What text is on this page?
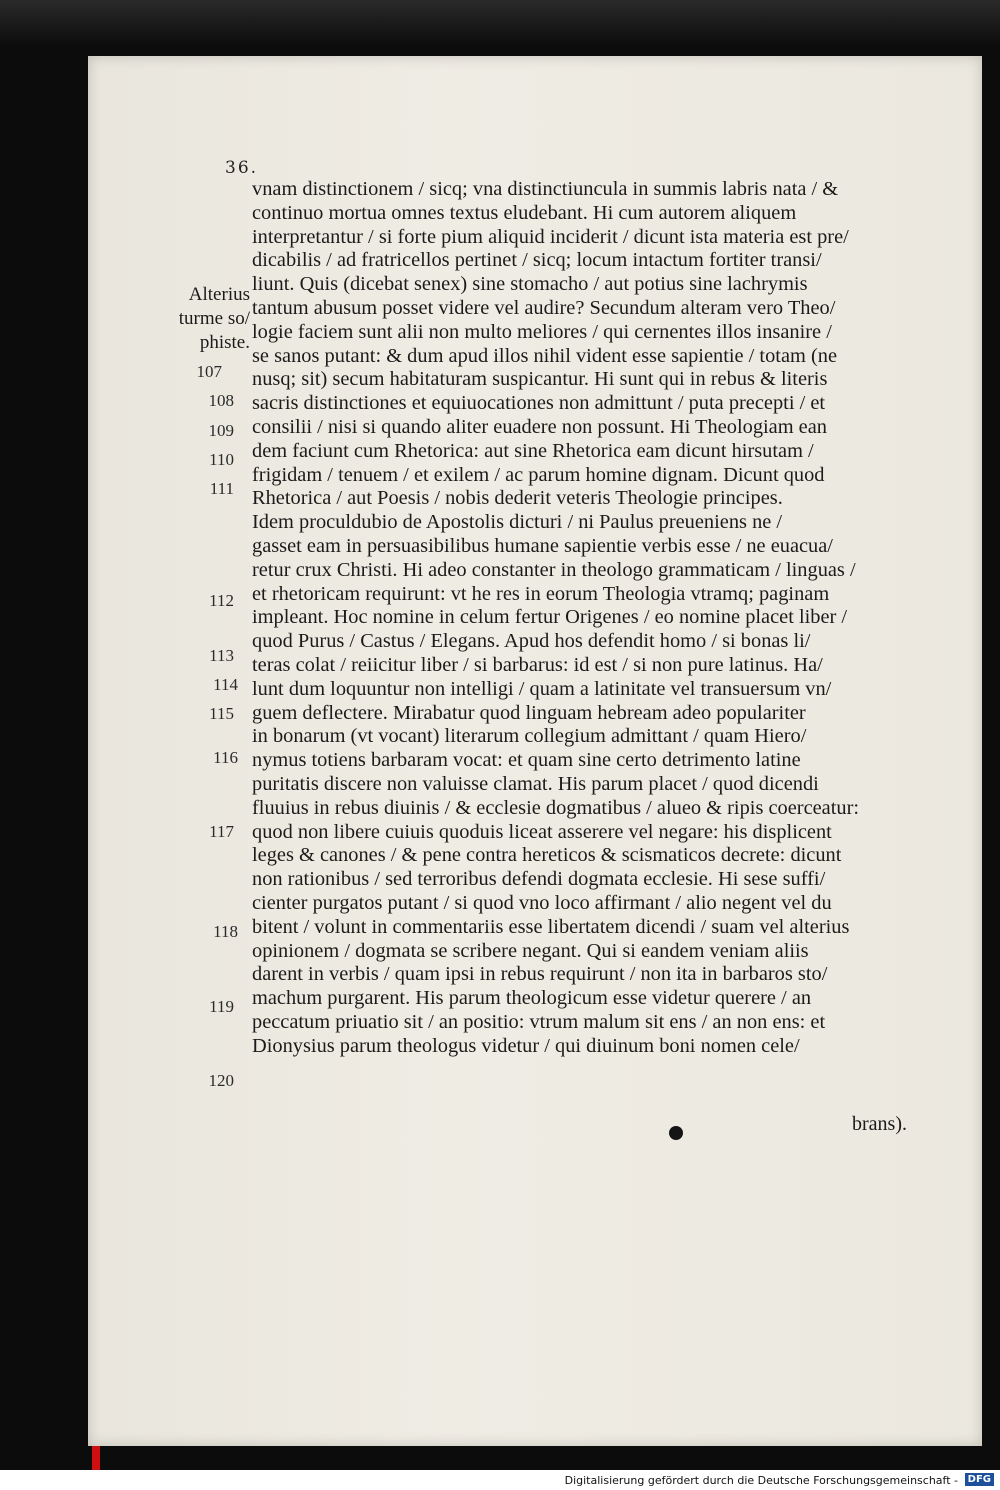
36.
Alterius
turme so/
phiste.
107
108
109
110
111
112
113
114
115
116
117
118
119
120
vnam distinctionem / sicq; vna distinctiuncula in summis labris nata / &
continuo mortua omnes textus eludebant. Hi cum autorem aliquem
interpretantur / si forte pium aliquid inciderit / dicunt ista materia est pre/
dicabilis / ad fratricellos pertinet / sicq; locum intactum fortiter transi/
liunt. Quis (dicebat senex) sine stomacho / aut potius sine lachrymis
tantum abusum posset videre vel audire? Secundum alteram vero Theo/
logie faciem sunt alii non multo meliores / qui cernentes illos insanire /
se sanos putant: & dum apud illos nihil vident esse sapientie / totam (ne
nusq; sit) secum habitaturam suspicantur. Hi sunt qui in rebus & literis
sacris distinctiones et equiuocationes non admittunt / puta precepti / et
consilii / nisi si quando aliter euadere non possunt. Hi Theologiam ean
dem faciunt cum Rhetorica: aut sine Rhetorica eam dicunt hirsutam /
frigidam / tenuem / et exilem / ac parum homine dignam. Dicunt quod
Rhetorica / aut Poesis / nobis dederit veteris Theologie principes.
Idem proculdubio de Apostolis dicturi / ni Paulus preueniens ne /
gasset eam in persuasibilibus humane sapientie verbis esse / ne euacua/
retur crux Christi. Hi adeo constanter in theologo grammaticam / linguas /
et rhetoricam requirunt: vt he res in eorum Theologia vtramq; paginam
impleant. Hoc nomine in celum fertur Origenes / eo nomine placet liber /
quod Purus / Castus / Elegans. Apud hos defendit homo / si bonas li/
teras colat / reiicitur liber / si barbarus: id est / si non pure latinus. Ha/
lunt dum loquuntur non intelligi / quam a latinitate vel transuersum vn/
guem deflectere. Mirabatur quod linguam hebream adeo populariter
in bonarum (vt vocant) literarum collegium admittant / quam Hiero/
nymus totiens barbaram vocat: et quam sine certo detrimento latine
puritatis discere non valuisse clamat. His parum placet / quod dicendi
fluuius in rebus diuinis / & ecclesie dogmatibus / alueo & ripis coerceatur:
quod non libere cuiuis quoduis liceat asserere vel negare: his displicent
leges & canones / & pene contra hereticos & scismaticos decrete: dicunt
non rationibus / sed terroribus defendi dogmata ecclesie. Hi sese suffi/
cienter purgatos putant / si quod vno loco affirmant / alio negent vel du
bitent / volunt in commentariis esse libertatem dicendi / suam vel alterius
opinionem / dogmata se scribere negant. Qui si eandem veniam aliis
darent in verbis / quam ipsi in rebus requirunt / non ita in barbaros sto/
machum purgarent. His parum theologicum esse videtur querere / an
peccatum priuatio sit / an positio: vtrum malum sit ens / an non ens: et
Dionysius parum theologus videtur / qui diuinum boni nomen cele/
brans).
Digitalisierung gefördert durch die Deutsche Forschungsgemeinschaft - DFG
